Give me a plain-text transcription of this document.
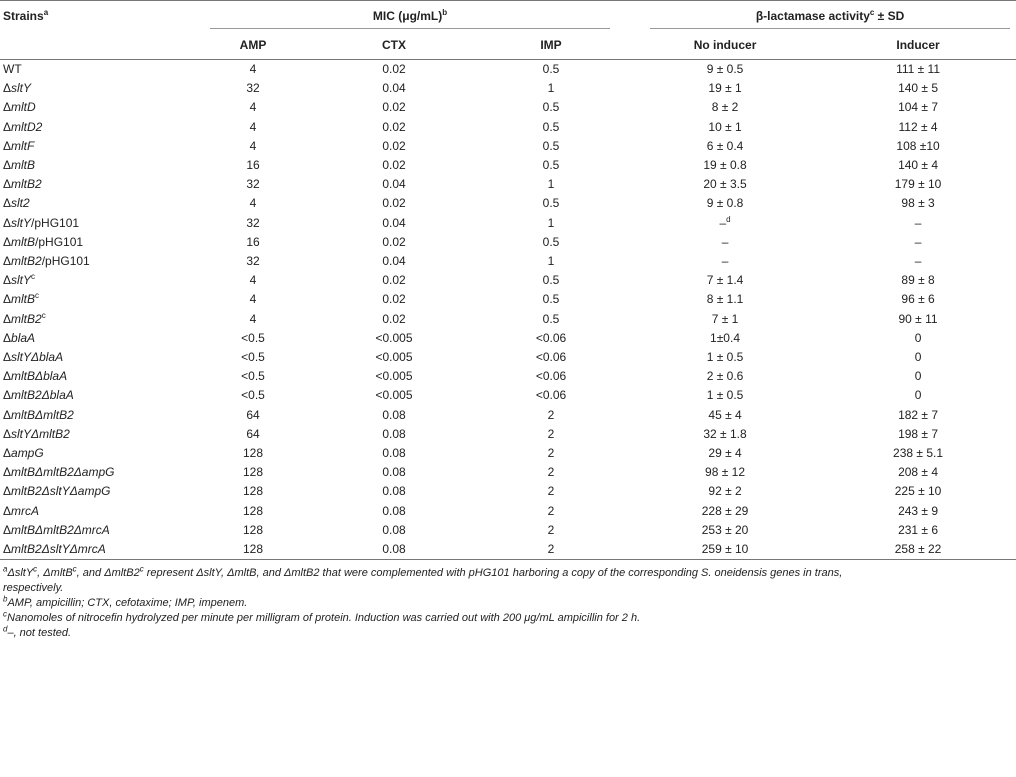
Strains$^a$	MIC $(\mu g/mL)^b$			β-lactamase activity$^c$ ± SD	

	AMP	CTX	IMP	No inducer	Inducer
WT	4	0.02	0.5	9 ± 0.5	111 ± 11
ΔsltY	32	0.04	1	19 ± 1	140 ± 5
ΔmltD	4	0.02	0.5	8 ± 2	104 ± 7
ΔmltD2	4	0.02	0.5	10 ± 1	112 ± 4
ΔmltF	4	0.02	0.5	6 ± 0.4	108 ±10
ΔmltB	16	0.02	0.5	19 ± 0.8	140 ± 4
ΔmltB2	32	0.04	1	20 ± 3.5	179 ± 10
Δslt2	4	0.02	0.5	9 ± 0.8	98 ± 3
ΔsltY/pHG101	32	0.04	1	–$^d$	–
ΔmltB/pHG101	16	0.02	0.5	–	–
ΔmltB2/pHG101	32	0.04	1	–	–
ΔsltY$^c$	4	0.02	0.5	7 ± 1.4	89 ± 8
ΔmltB$^c$	4	0.02	0.5	8 ± 1.1	96 ± 6
ΔmltB2$^c$	4	0.02	0.5	7 ± 1	90 ± 11
ΔblaA	<0.5	<0.005	<0.06	1±0.4	0
ΔsltYΔblaA	<0.5	<0.005	<0.06	1 ± 0.5	0
ΔmltBΔblaA	<0.5	<0.005	<0.06	2 ± 0.6	0
ΔmltB2ΔblaA	<0.5	<0.005	<0.06	1 ± 0.5	0
ΔmltBΔmltB2	64	0.08	2	45 ± 4	182 ± 7
ΔsltYΔmltB2	64	0.08	2	32 ± 1.8	198 ± 7
ΔampG	128	0.08	2	29 ± 4	238 ± 5.1
ΔmltBΔmltB2ΔampG	128	0.08	2	98 ± 12	208 ± 4
ΔmltB2ΔsltYΔampG	128	0.08	2	92 ± 2	225 ± 10
ΔmrcA	128	0.08	2	228 ± 29	243 ± 9
ΔmltBΔmltB2ΔmrcA	128	0.08	2	253 ± 20	231 ± 6
ΔmltB2ΔsltYΔmrcA	128	0.08	2	259 ± 10	258 ± 22
$^a$ΔsltY$^c$, ΔmltB$^c$, and ΔmltB2$^c$ represent ΔsltY, ΔmltB, and ΔmltB2 that were complemented with pHG101 harboring a copy of the corresponding S. oneidensis genes in trans,
respectively.
$^b$AMP, ampicillin; CTX, cefotaxime; IMP, impenem.
$^c$Nanomoles of nitrocefin hydrolyzed per minute per milligram of protein. Induction was carried out with 200 μg/mL ampicillin for 2 h.
$^d$–, not tested.
